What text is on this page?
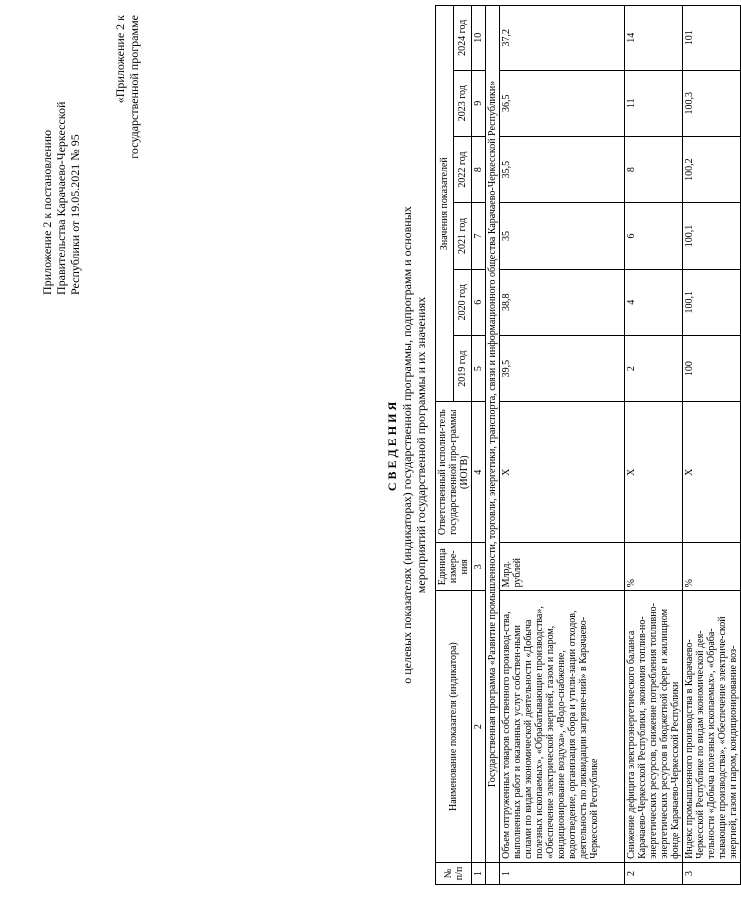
Приложение 2 к постановлению Правительства Карачаево-Черкесской Республики от 19.05.2021 № 95
«Приложение 2 к государственной программе
СВЕДЕНИЯ о целевых показателях (индикаторах) государственной программы, подпрограмм и основных мероприятий государственной программы и их значениях
№ п/п	Наименование показателя (индикатора)	Единица измере-ния	Ответственный исполни-тель государственной про-граммы (ИОГВ)	Значения показателей					
				2019 год	2020 год	2021 год	2022 год	2023 год	2024 год
1	2	3	4	5	6	7	8	9	10
	Государственная программа «Развитие промышленности, торговли, энергетики, транспорта, связи и информационного общества Карачаево-Черкесской Республики»								
1	Объем отгруженных товаров собственного производ-ства, выполненных работ и оказанных услуг собствен-ными силами по видам экономической деятельности «Добыча полезных ископаемых», «Обрабатывающие производства», «Обеспечение электрической энергией, газом и паром, кондиционирование воздуха», «Водо-снабжение, водоотведение, организация сбора и утили-зации отходов, деятельность по ликвидации загрязне-ний» в Карачаево-Черкесской Республике	Млрд. рублей	Х	39,5	38,8	35	35,5	36,5	37,2
2	Снижение дефицита электроэнергетического баланса Карачаево-Черкесской Республики, экономия топлив-но-энергетических ресурсов, снижение потребления топливно-энергетических ресурсов в бюджетной сфере и жилищном фонде Карачаево-Черкесской Республики	%	Х	2	4	6	8	11	14
3	Индекс промышленного производства в Карачаево-Черкесской Республике по видам экономической дея-тельности «Добыча полезных ископаемых», «Обраба-тывающие производства», «Обеспечение электриче-ской энергией, газом и паром, кондиционирование воз-	%	Х	100	100,1	100,1	100,2	100,3	101
